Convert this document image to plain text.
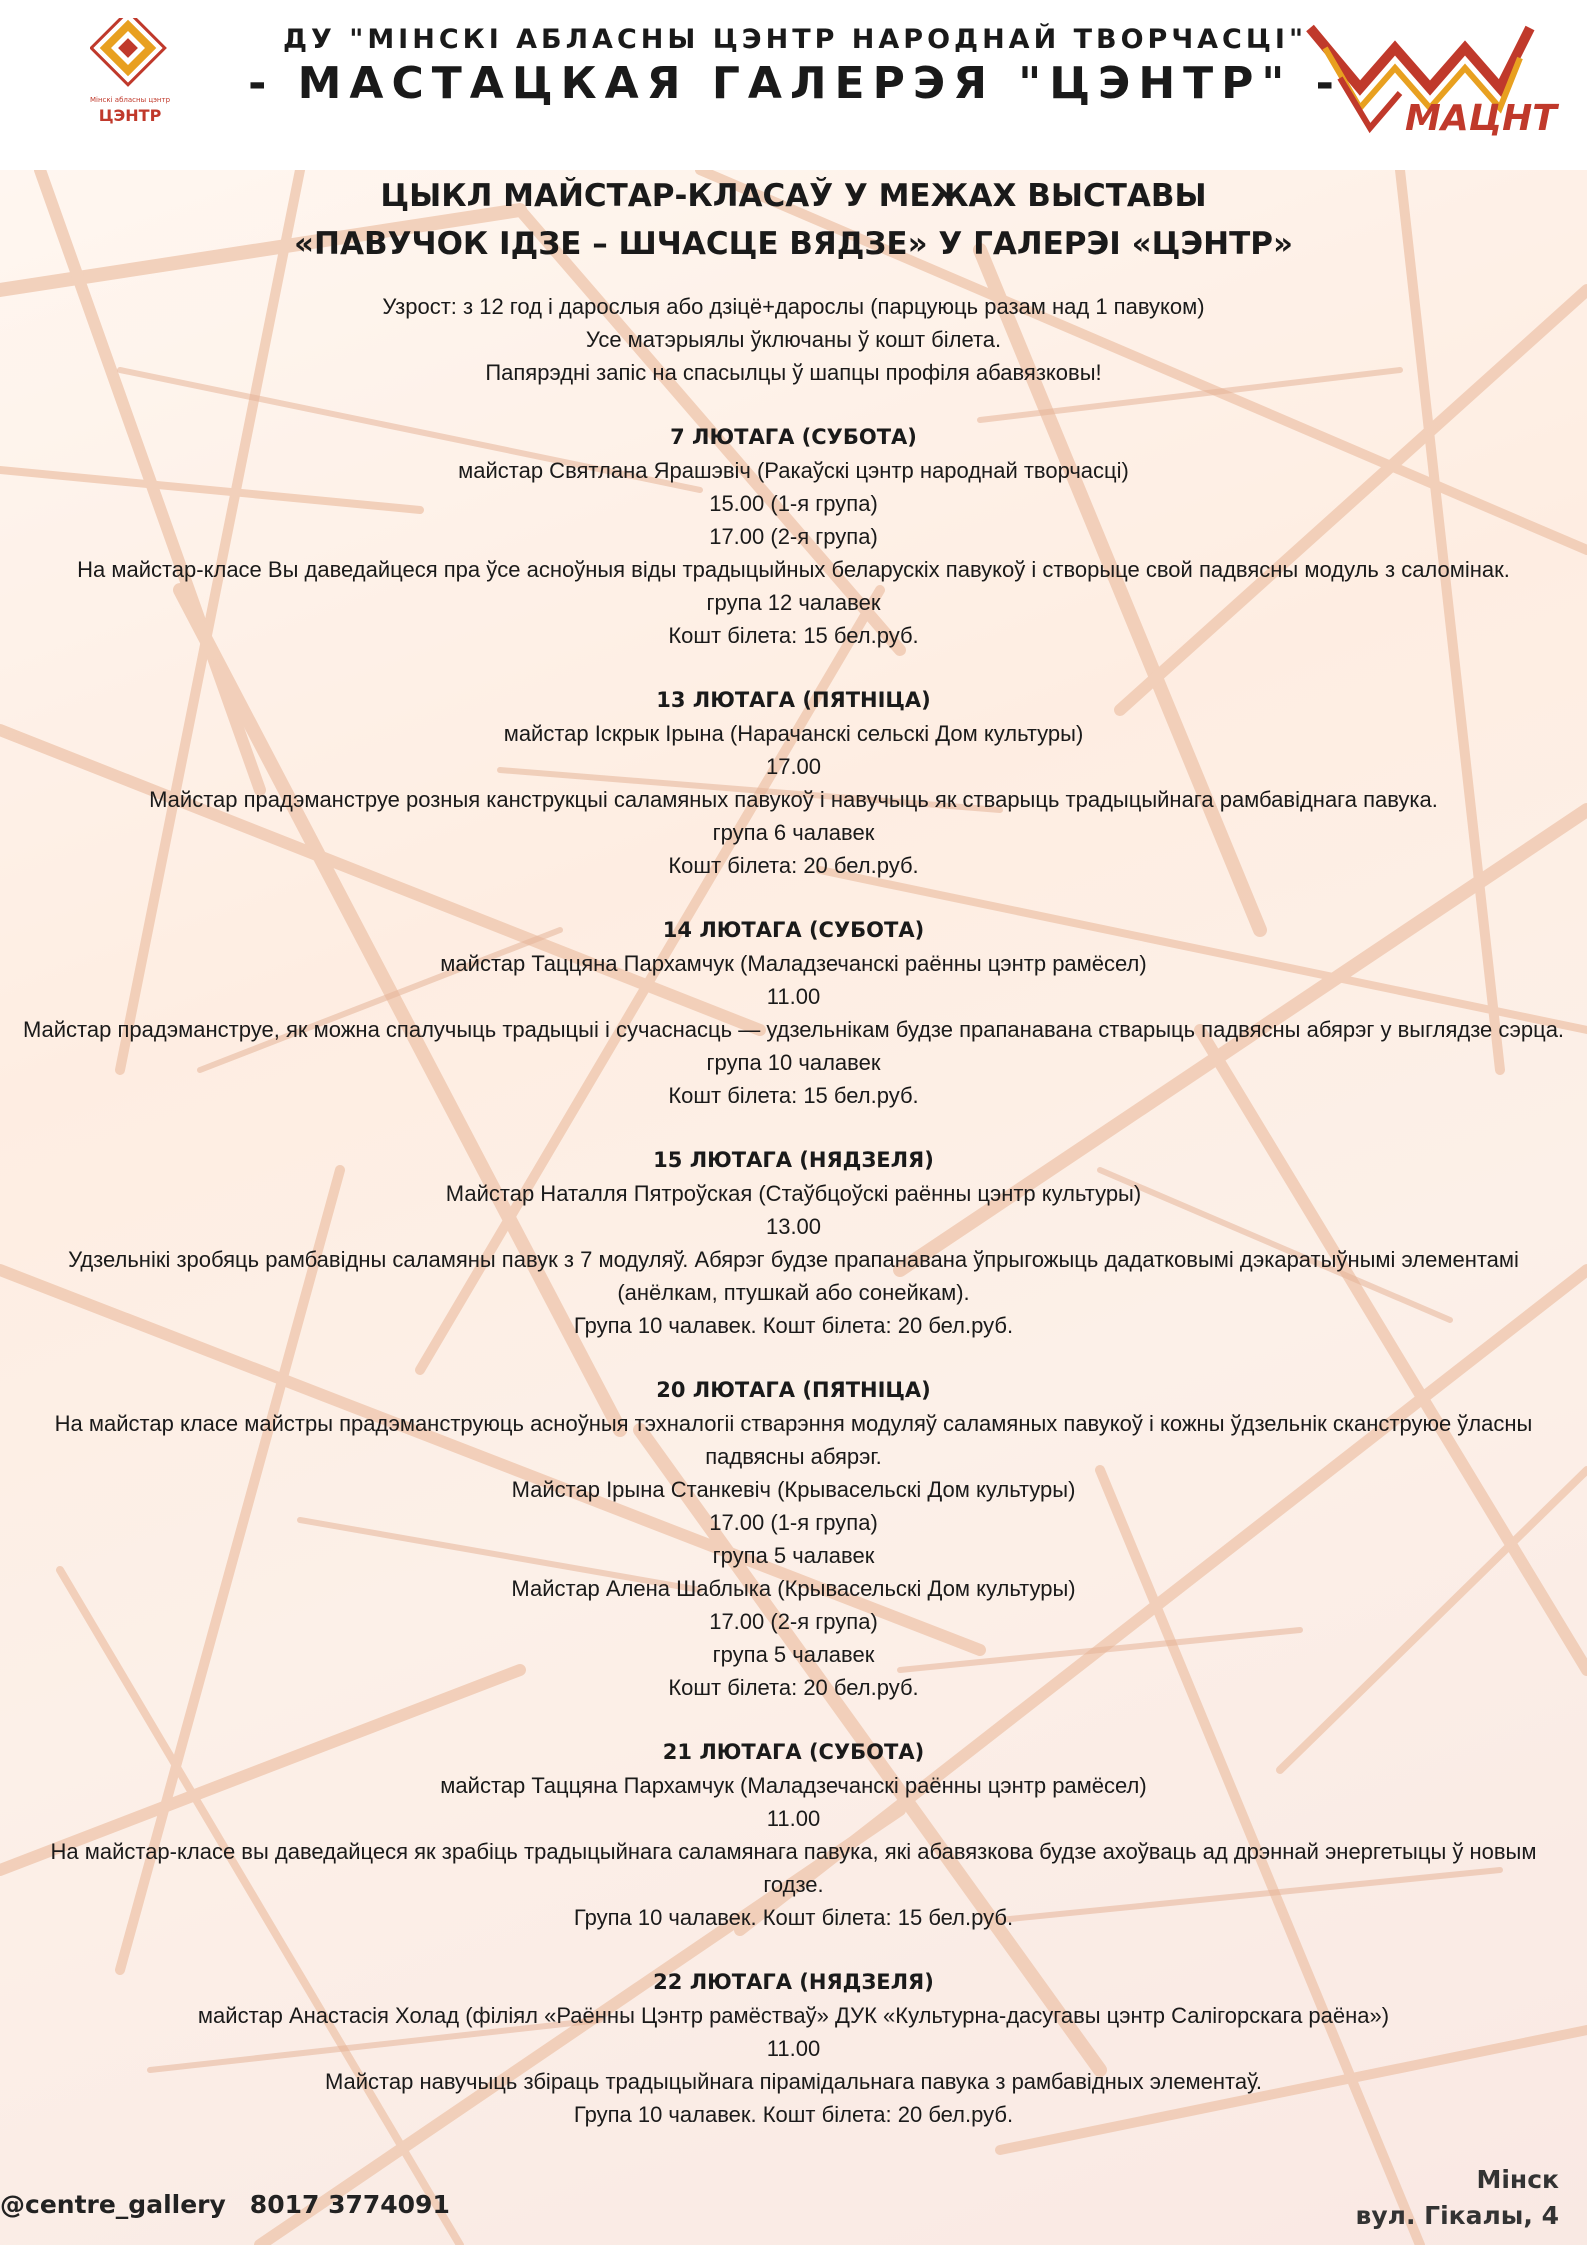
Мінскі абласны цэнтр
ЦЭНТР
ДУ "МІНСКІ АБЛАСНЫ ЦЭНТР НАРОДНАЙ ТВОРЧАСЦІ"
- МАСТАЦКАЯ ГАЛЕРЭЯ "ЦЭНТР" -
МАЦНТ
ЦЫКЛ МАЙСТАР-КЛАСАЎ У МЕЖАХ ВЫСТАВЫ
«ПАВУЧОК ІДЗЕ – ШЧАСЦЕ ВЯДЗЕ» У ГАЛЕРЭІ «ЦЭНТР»

Узрост: з 12 год і дарослыя або дзіцё+дарослы (парцуюць разам над 1 павуком)

Усе матэрыялы ўключаны ў кошт білета.

Папярэдні запіс на спасылцы ў шапцы профіля абавязковы!

7 ЛЮТАГА (СУБОТА)

майстар Святлана Ярашэвіч (Ракаўскі цэнтр народнай творчасці)

15.00 (1-я група)

17.00 (2-я група)

На майстар-класе Вы даведайцеся пра ўсе асноўныя віды традыцыйных беларускіх павукоў і створыце свой падвясны модуль з саломінак.

група 12 чалавек

Кошт білета: 15 бел.руб.

13 ЛЮТАГА (ПЯТНІЦА)

майстар Іскрык Ірына (Нарачанскі сельскі Дом культуры)

17.00

Майстар прадэманструе розныя канструкцыі саламяных павукоў і навучыць як стварыць традыцыйнага рамбавіднага павука.

група 6 чалавек

Кошт білета: 20 бел.руб.

14 ЛЮТАГА (СУБОТА)

майстар Таццяна Пархамчук (Маладзечанскі раённы цэнтр рамёсел)

11.00

Майстар прадэманструе, як можна спалучыць традыцыі і сучаснасць — удзельнікам будзе прапанавана стварыць падвясны абярэг у выглядзе сэрца.

група 10 чалавек

Кошт білета: 15 бел.руб.

15 ЛЮТАГА (НЯДЗЕЛЯ)

Майстар Наталля Пятроўская (Стаўбцоўскі раённы цэнтр культуры)

13.00

Удзельнікі зробяць рамбавідны саламяны павук з 7 модуляў. Абярэг будзе прапанавана ўпрыгожыць дадатковымі дэкаратыўнымі элементамі (анёлкам, птушкай або сонейкам).

Група 10 чалавек. Кошт білета: 20 бел.руб.

20 ЛЮТАГА (ПЯТНІЦА)

На майстар класе майстры прадэманструюць асноўныя тэхналогіі стварэння модуляў саламяных павукоў і кожны ўдзельнік сканструюе ўласны падвясны абярэг.

Майстар Ірына Станкевіч (Крывасельскі Дом культуры)

17.00 (1-я група)

група 5 чалавек

Майстар Алена Шаблыка (Крывасельскі Дом культуры)

17.00 (2-я група)

група 5 чалавек

Кошт білета: 20 бел.руб.

21 ЛЮТАГА (СУБОТА)

майстар Таццяна Пархамчук (Маладзечанскі раённы цэнтр рамёсел)

11.00

На майстар-класе вы даведайцеся як зрабіць традыцыйнага саламянага павука, які абавязкова будзе ахоўваць ад дрэннай энергетыцы ў новым годзе.

Група 10 чалавек. Кошт білета: 15 бел.руб.

22 ЛЮТАГА (НЯДЗЕЛЯ)

майстар Анастасія Холад (філіял «Раённы Цэнтр рамёстваў» ДУК «Культурна-дасугавы цэнтр Салігорскага раёна»)

11.00

Майстар навучыць збіраць традыцыйнага пірамідальнага павука з рамбавідных элементаў.

Група 10 чалавек. Кошт білета: 20 бел.руб.

@centre_gallery 8017 3774091
Мінск
вул. Гікалы, 4
